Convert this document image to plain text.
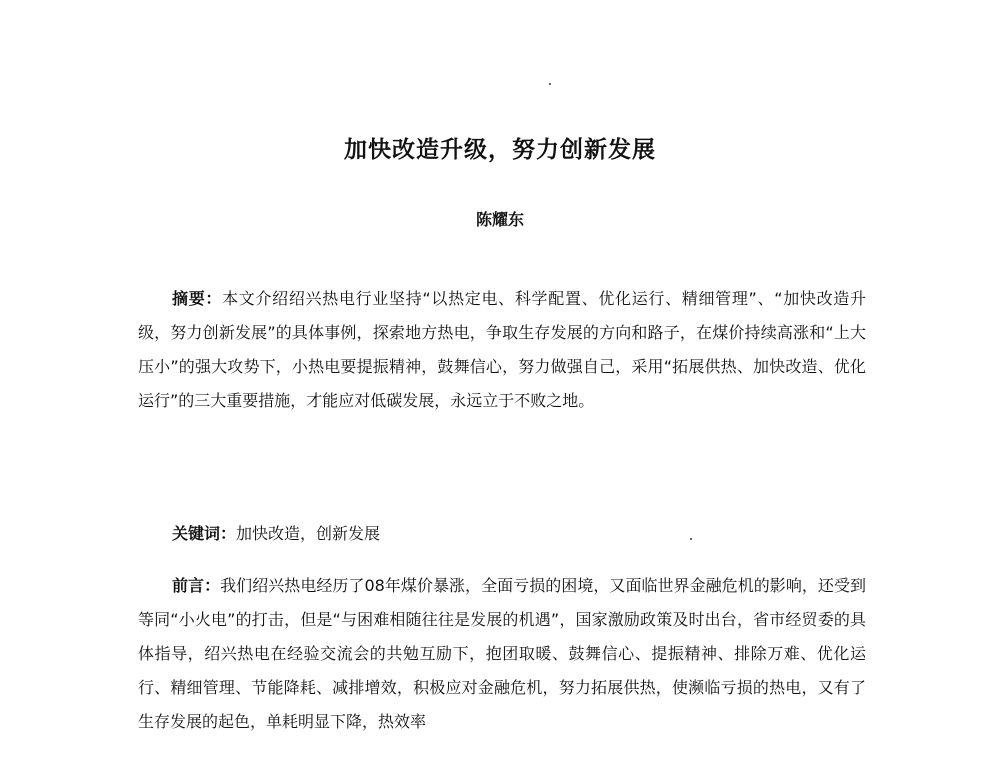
加快改造升级，努力创新发展
陈耀东
摘要：本文介绍绍兴热电行业坚持“以热定电、科学配置、优化运行、精细管理”、“加快改造升级，努力创新发展”的具体事例，探索地方热电，争取生存发展的方向和路子，在煤价持续高涨和“上大压小”的强大攻势下，小热电要提振精神，鼓舞信心，努力做强自己，采用“拓展供热、加快改造、优化运行”的三大重要措施，才能应对低碳发展，永远立于不败之地。
关键词：加快改造，创新发展
前言：我们绍兴热电经历了08年煤价暴涨，全面亏损的困境，又面临世界金融危机的影响，还受到等同“小火电”的打击，但是“与困难相随往往是发展的机遇”，国家激励政策及时出台，省市经贸委的具体指导，绍兴热电在经验交流会的共勉互励下，抱团取暖、鼓舞信心、提振精神、排除万难、优化运行、精细管理、节能降耗、减排增效，积极应对金融危机，努力拓展供热，使濒临亏损的热电，又有了生存发展的起色，单耗明显下降，热效率
